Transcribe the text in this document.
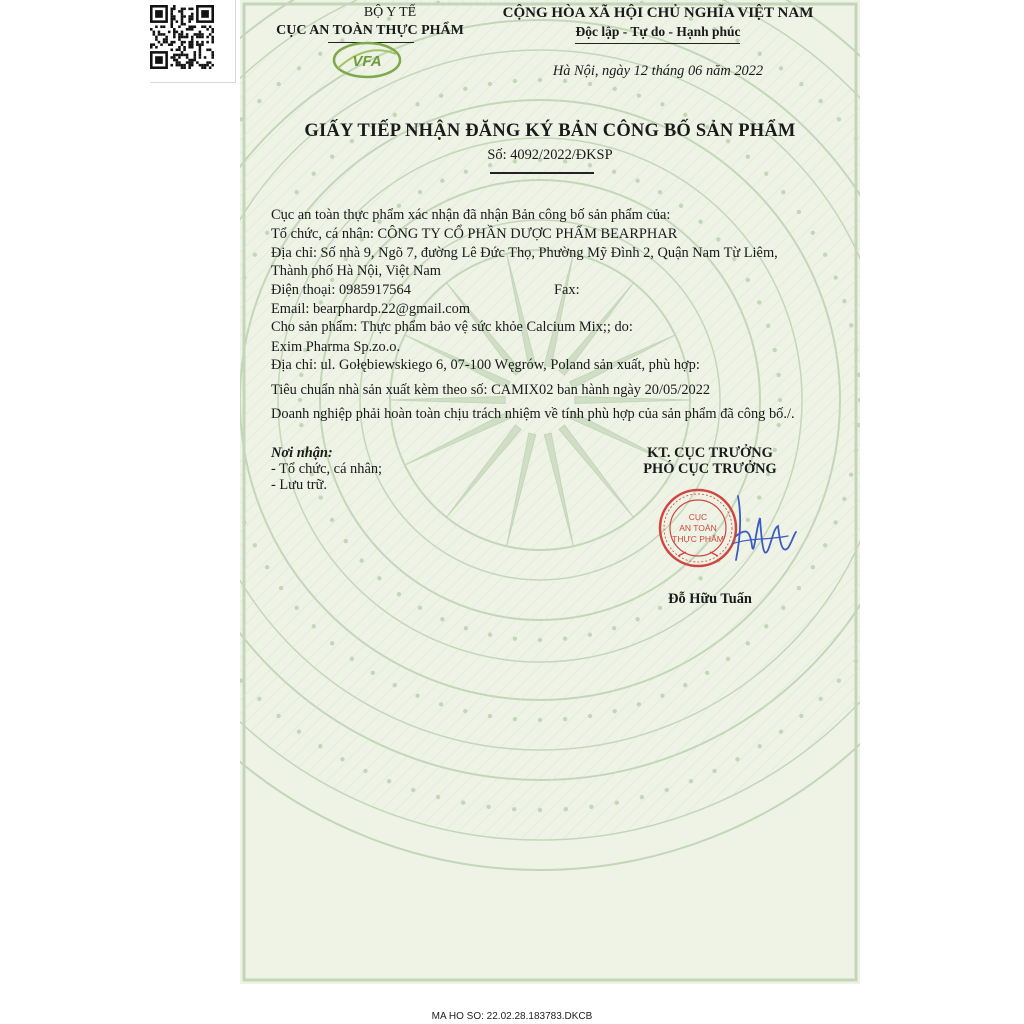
BỘ Y TẾ
CỤC AN TOÀN THỰC PHẨM
VFA
CỘNG HÒA XÃ HỘI CHỦ NGHĨA VIỆT NAM
Độc lập - Tự do - Hạnh phúc
Hà Nội, ngày 12 tháng 06 năm 2022
GIẤY TIẾP NHẬN ĐĂNG KÝ BẢN CÔNG BỐ SẢN PHẨM
Số: 4092/2022/ĐKSP
Cục an toàn thực phẩm xác nhận đã nhận Bản công bố sản phẩm của:
Tổ chức, cá nhân: CÔNG TY CỔ PHẦN DƯỢC PHẨM BEARPHAR
Địa chỉ: Số nhà 9, Ngõ 7, đường Lê Đức Thọ, Phường Mỹ Đình 2, Quận Nam Từ Liêm,
Thành phố Hà Nội, Việt Nam
Điện thoại: 0985917564	Fax:
Email: bearphardp.22@gmail.com
Cho sản phẩm: Thực phẩm bảo vệ sức khỏe Calcium Mix;; do:
Exim Pharma Sp.zo.o.
Địa chỉ: ul. Gołębiewskiego 6, 07-100 Węgrów, Poland sản xuất, phù hợp:
Tiêu chuẩn nhà sản xuất kèm theo số: CAMIX02 ban hành ngày 20/05/2022
Doanh nghiệp phải hoàn toàn chịu trách nhiệm về tính phù hợp của sản phẩm đã công bố./.
Nơi nhận:
- Tổ chức, cá nhân;
- Lưu trữ.
KT. CỤC TRƯỞNG
PHÓ CỤC TRƯỞNG
CỤC
AN TOÀN
THỰC PHẨM
Đỗ Hữu Tuấn
MA HO SO: 22.02.28.183783.DKCB
